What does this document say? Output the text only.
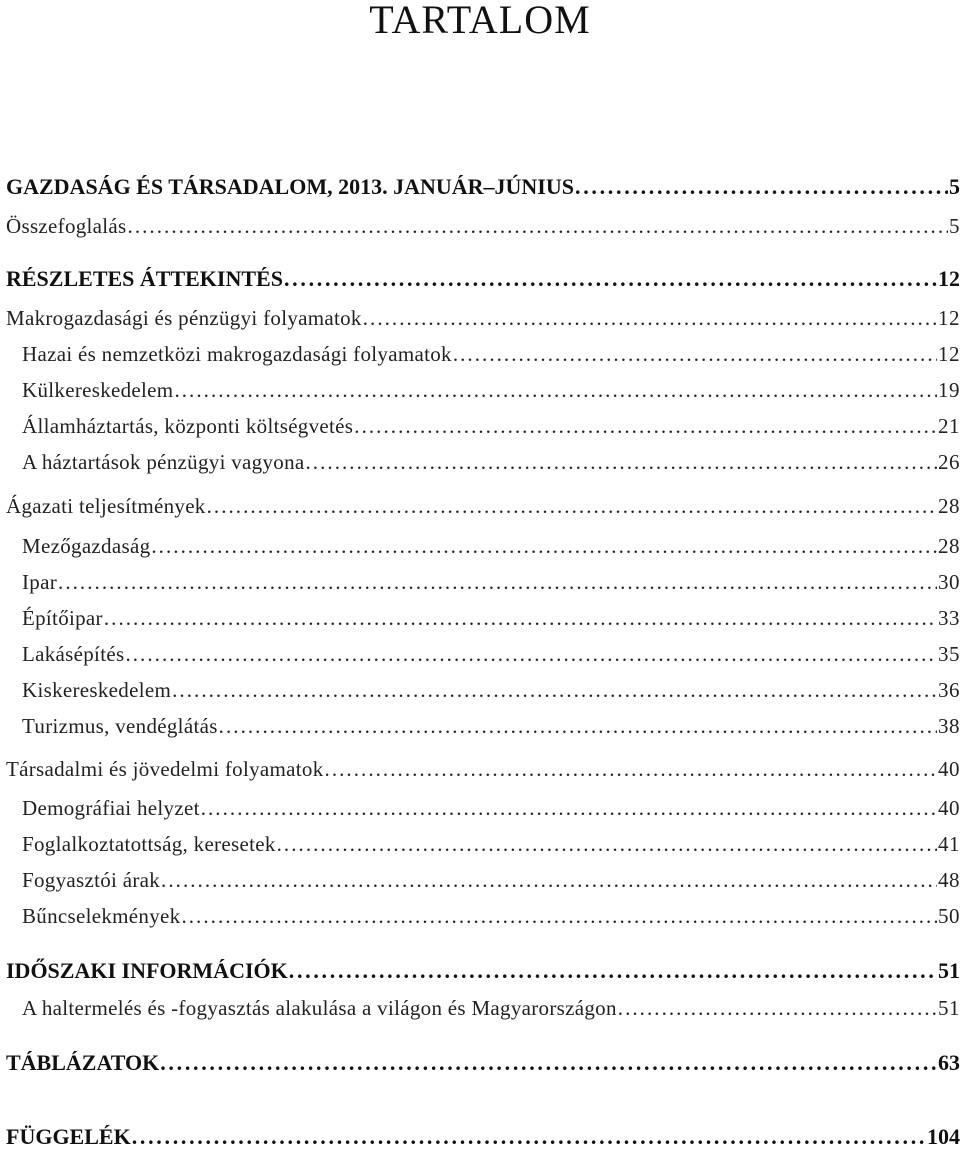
TARTALOM
GAZDASÁG ÉS TÁRSADALOM, 2013. JANUÁR–JÚNIUS . . .	5
Összefoglalás . . .	5
RÉSZLETES ÁTTEKINTÉS . . .	12
Makrogazdasági és pénzügyi folyamatok . . .	12
Hazai és nemzetközi makrogazdasági folyamatok . . .	12
Külkereskedelem . . .	19
Államháztartás, központi költségvetés . . .	21
A háztartások pénzügyi vagyona . . .	26
Ágazati teljesítmények . . .	28
Mezőgazdaság . . .	28
Ipar . . .	30
Építőipar . . .	33
Lakásépítés . . .	35
Kiskereskedelem . . .	36
Turizmus, vendéglátás . . .	38
Társadalmi és jövedelmi folyamatok . . .	40
Demográfiai helyzet . . .	40
Foglalkoztatottság, keresetek . . .	41
Fogyasztói árak . . .	48
Bűncselekmények . . .	50
IDŐSZAKI INFORMÁCIÓK . . .	51
A haltermelés és -fogyasztás alakulása a világon és Magyarországon . . .	51
TÁBLÁZATOK . . .	63
FÜGGELÉK . . .	104
